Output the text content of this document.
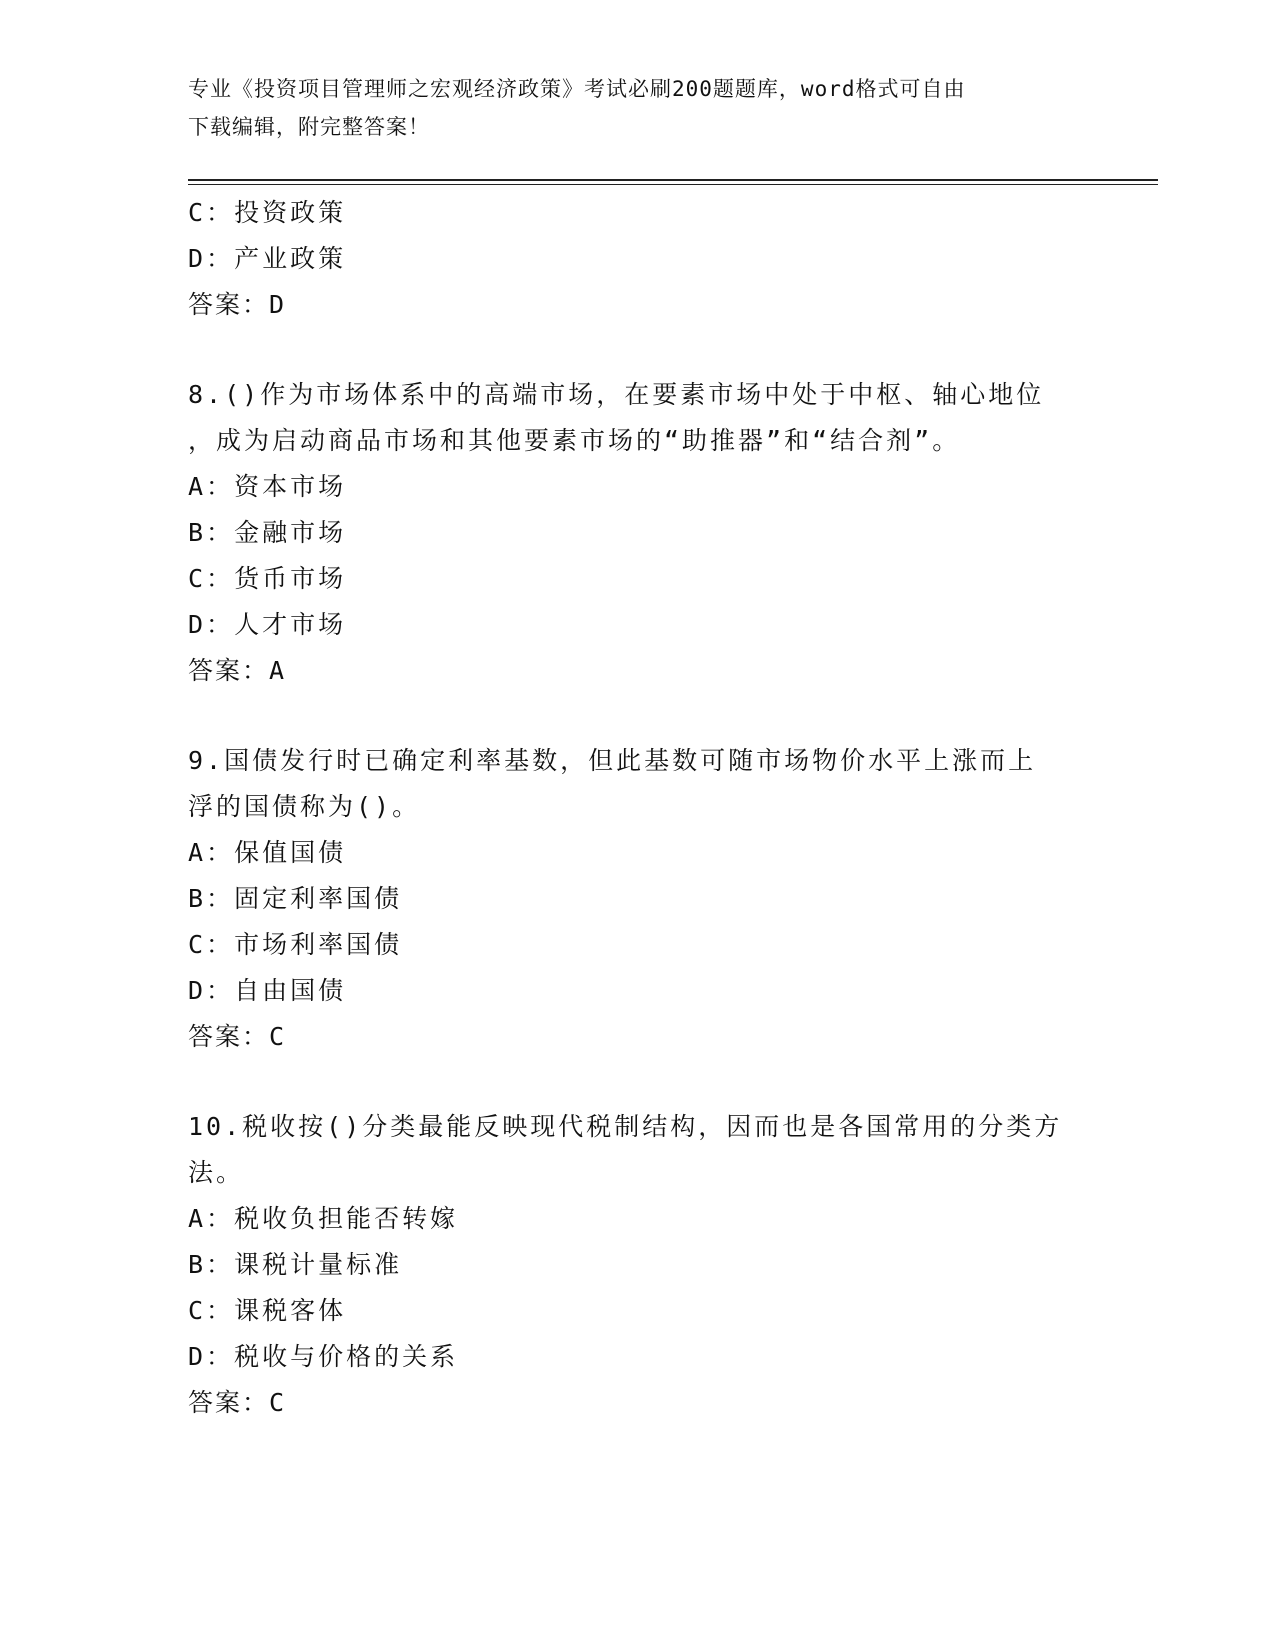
专业《投资项目管理师之宏观经济政策》考试必刷200题题库，word格式可自由
下载编辑，附完整答案！
C：投资政策
D：产业政策
答案：D
8.()作为市场体系中的高端市场，在要素市场中处于中枢、轴心地位
，成为启动商品市场和其他要素市场的“助推器”和“结合剂”。
A：资本市场
B：金融市场
C：货币市场
D：人才市场
答案：A
9.国债发行时已确定利率基数，但此基数可随市场物价水平上涨而上
浮的国债称为()。
A：保值国债
B：固定利率国债
C：市场利率国债
D：自由国债
答案：C
10.税收按()分类最能反映现代税制结构，因而也是各国常用的分类方
法。
A：税收负担能否转嫁
B：课税计量标准
C：课税客体
D：税收与价格的关系
答案：C
